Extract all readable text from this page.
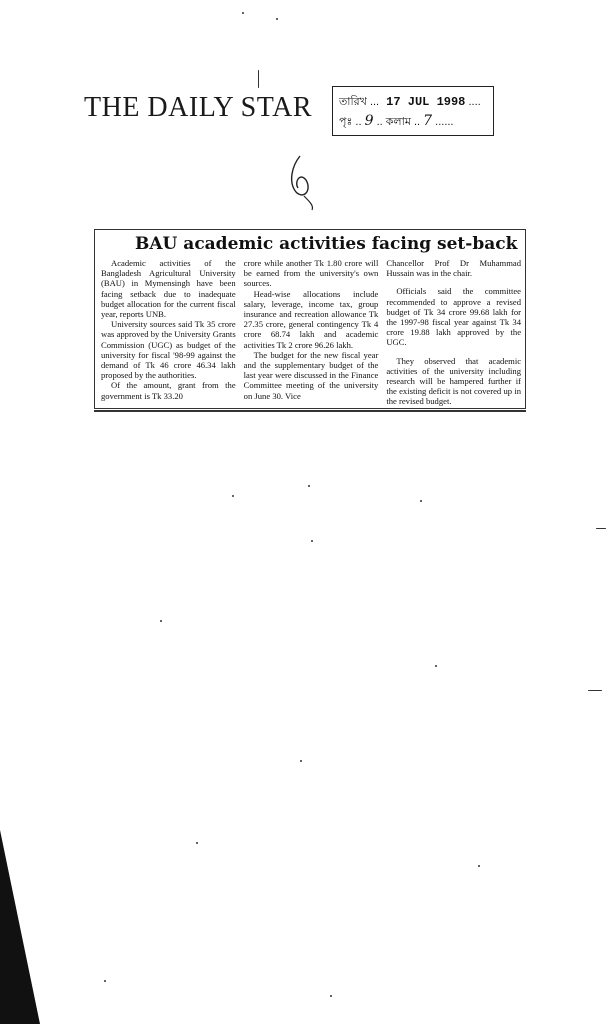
THE DAILY STAR তারিখ ... 17 JUL 1998 ....
পৃঃ .. 9 .. কলাম .. 7 ......
BAU academic activities facing set-back

Academic activities of the Bangladesh Agricultural University (BAU) in Mymensingh have been facing setback due to inadequate budget allocation for the current fiscal year, reports UNB.

University sources said Tk 35 crore was approved by the University Grants Commission (UGC) as budget of the university for fiscal '98-99 against the demand of Tk 46 crore 46.34 lakh proposed by the authorities.

Of the amount, grant from the government is Tk 33.20

crore while another Tk 1.80 crore will be earned from the university's own sources.

Head-wise allocations include salary, leverage, income tax, group insurance and recreation allowance Tk 27.35 crore, general contingency Tk 4 crore 68.74 lakh and academic activities Tk 2 crore 96.26 lakh.

The budget for the new fiscal year and the supplementary budget of the last year were discussed in the Finance Committee meeting of the university on June 30. Vice

Chancellor Prof Dr Muhammad Hussain was in the chair.

Officials said the committee recommended to approve a revised budget of Tk 34 crore 99.68 lakh for the 1997-98 fiscal year against Tk 34 crore 19.88 lakh approved by the UGC.

They observed that academic activities of the university including research will be hampered further if the existing deficit is not covered up in the revised budget.
